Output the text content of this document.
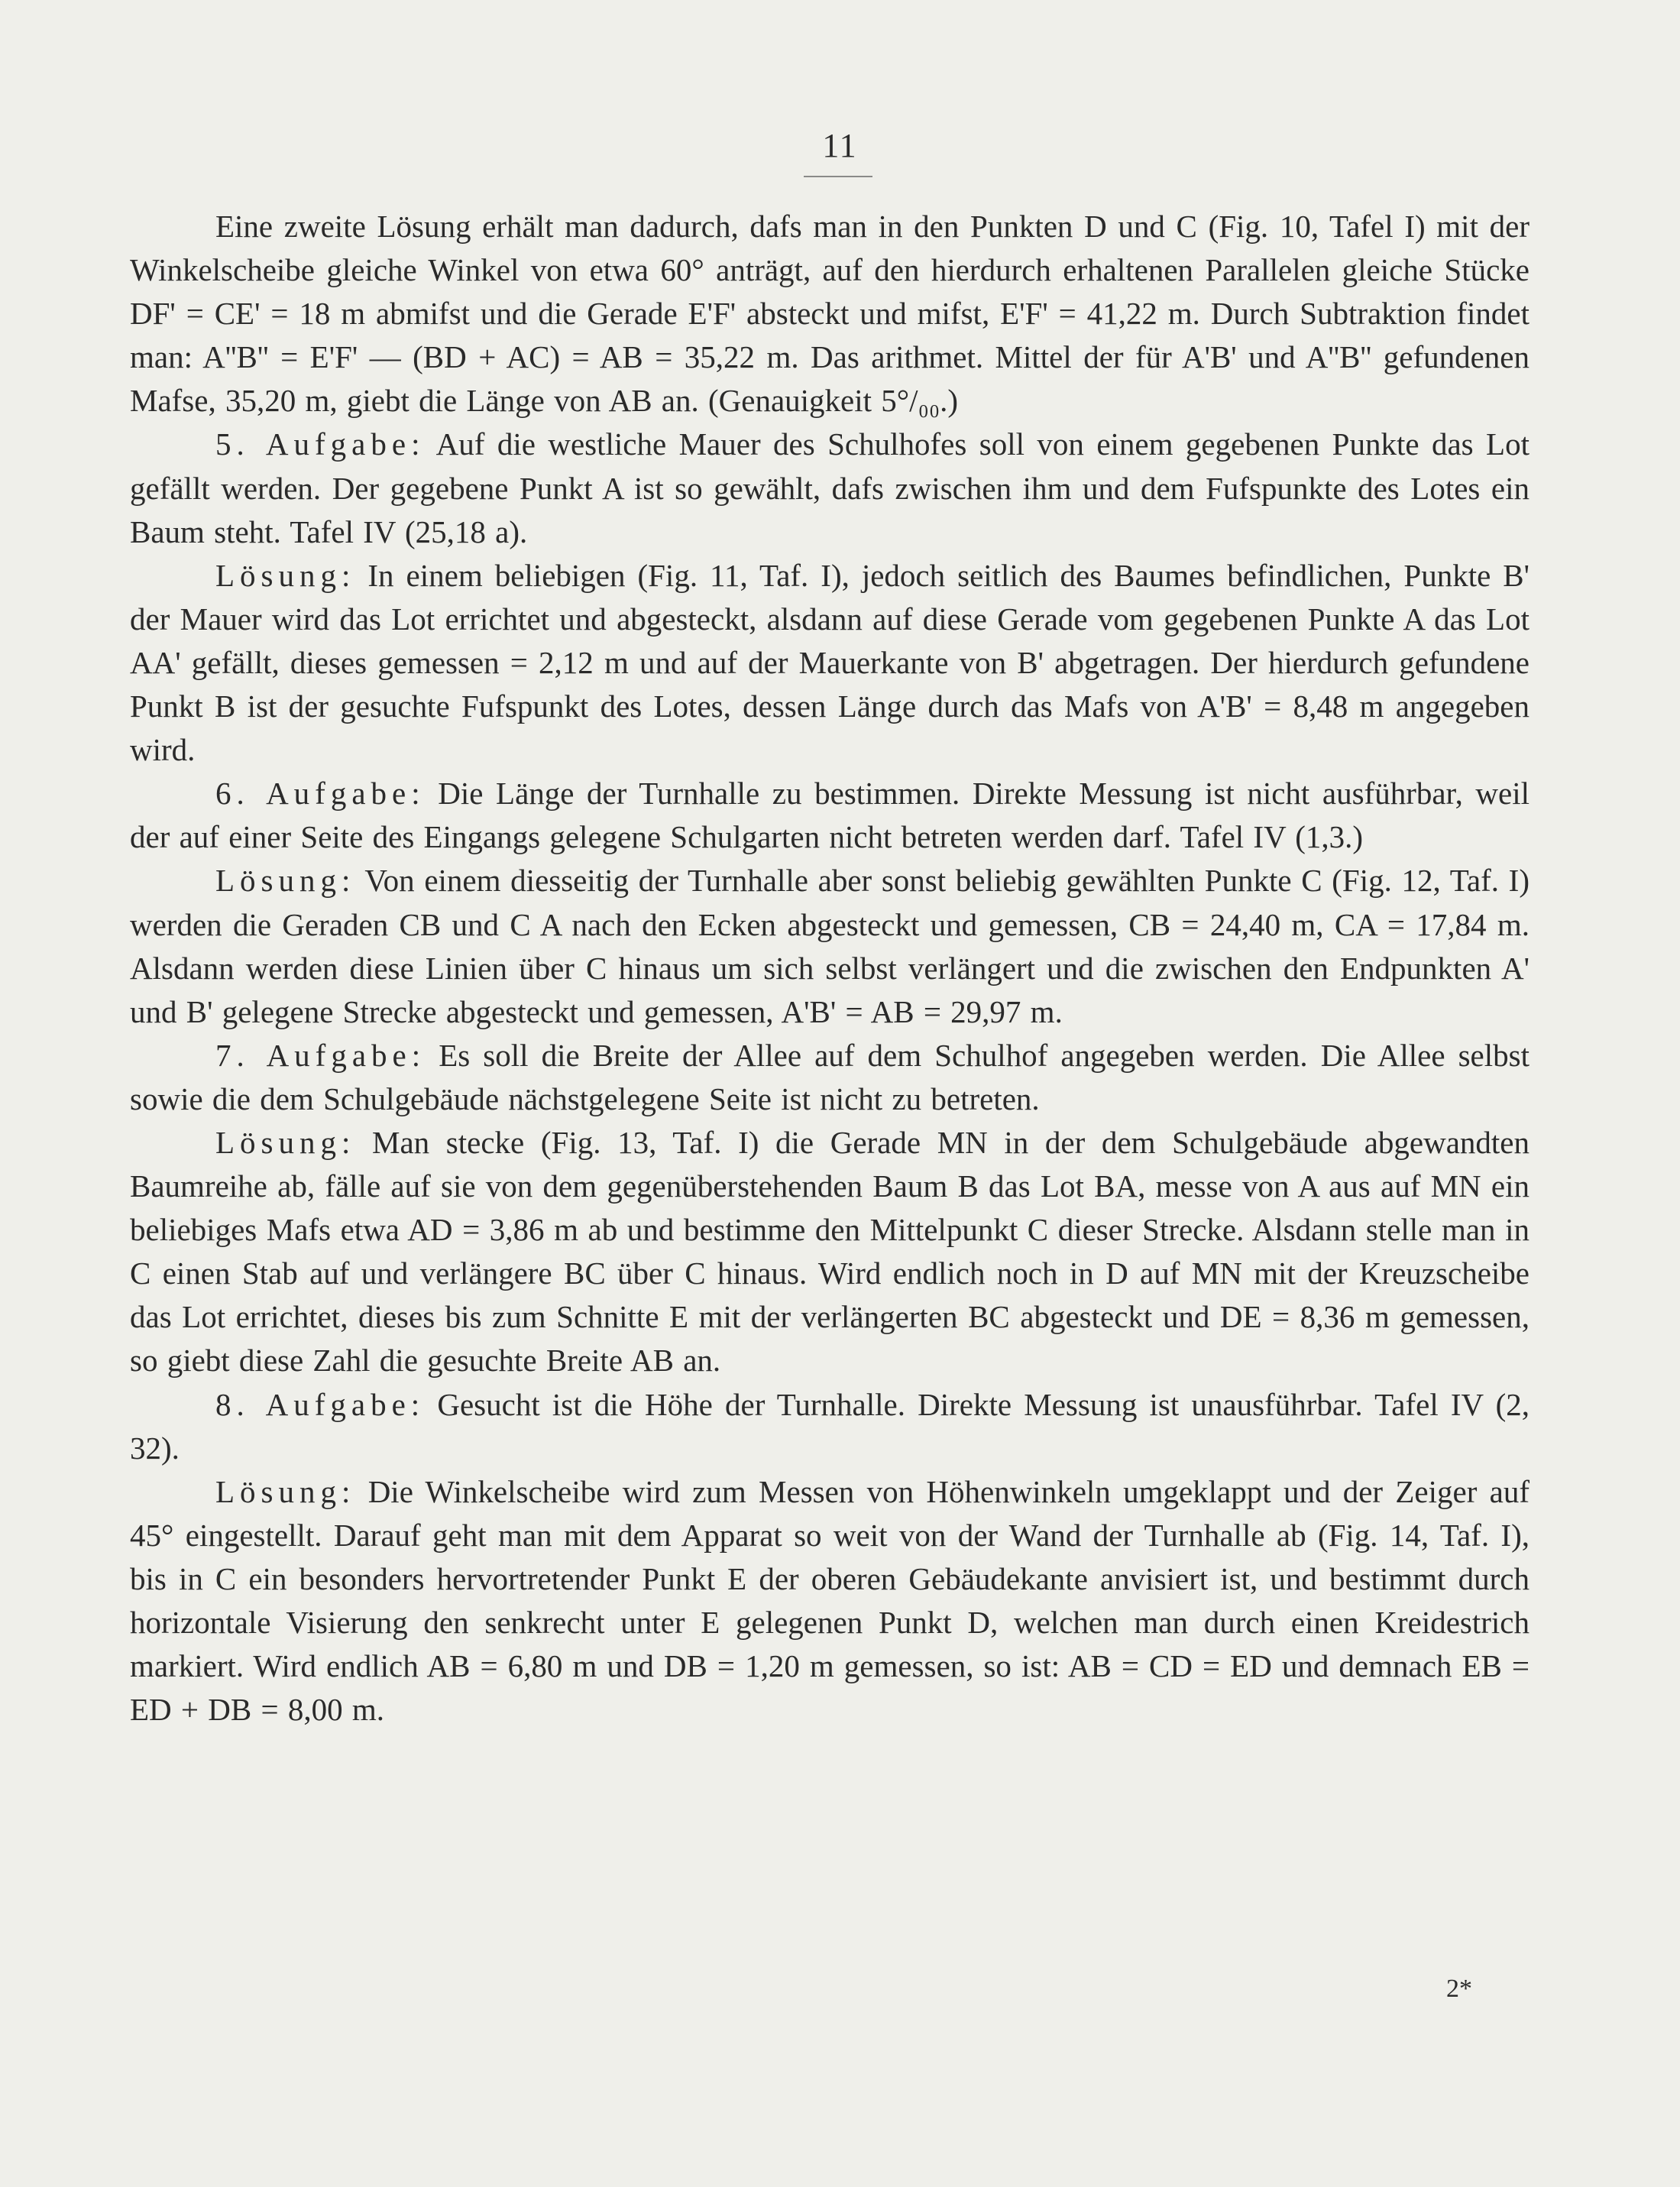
11

Eine zweite Lösung erhält man dadurch, dafs man in den Punkten D und C (Fig. 10, Tafel I) mit der Winkelscheibe gleiche Winkel von etwa 60° anträgt, auf den hierdurch erhaltenen Parallelen gleiche Stücke DF' = CE' = 18 m abmifst und die Gerade E'F' absteckt und mifst, E'F' = 41,22 m. Durch Subtraktion findet man: A''B'' = E'F' — (BD + AC) = AB = 35,22 m. Das arithmet. Mittel der für A'B' und A''B'' gefundenen Mafse, 35,20 m, giebt die Länge von AB an. (Genauigkeit 5°/₀₀.)

5. Aufgabe: Auf die westliche Mauer des Schulhofes soll von einem gegebenen Punkte das Lot gefällt werden. Der gegebene Punkt A ist so gewählt, dafs zwischen ihm und dem Fufspunkte des Lotes ein Baum steht. Tafel IV (25,18 a).

Lösung: In einem beliebigen (Fig. 11, Taf. I), jedoch seitlich des Baumes befindlichen, Punkte B' der Mauer wird das Lot errichtet und abgesteckt, alsdann auf diese Gerade vom gegebenen Punkte A das Lot AA' gefällt, dieses gemessen = 2,12 m und auf der Mauerkante von B' abgetragen. Der hierdurch gefundene Punkt B ist der gesuchte Fufspunkt des Lotes, dessen Länge durch das Mafs von A'B' = 8,48 m angegeben wird.

6. Aufgabe: Die Länge der Turnhalle zu bestimmen. Direkte Messung ist nicht ausführbar, weil der auf einer Seite des Eingangs gelegene Schulgarten nicht betreten werden darf. Tafel IV (1,3.)

Lösung: Von einem diesseitig der Turnhalle aber sonst beliebig gewählten Punkte C (Fig. 12, Taf. I) werden die Geraden CB und C A nach den Ecken abgesteckt und gemessen, CB = 24,40 m, CA = 17,84 m. Alsdann werden diese Linien über C hinaus um sich selbst verlängert und die zwischen den Endpunkten A' und B' gelegene Strecke abgesteckt und gemessen, A'B' = AB = 29,97 m.

7. Aufgabe: Es soll die Breite der Allee auf dem Schulhof angegeben werden. Die Allee selbst sowie die dem Schulgebäude nächstgelegene Seite ist nicht zu betreten.

Lösung: Man stecke (Fig. 13, Taf. I) die Gerade MN in der dem Schulgebäude abgewandten Baumreihe ab, fälle auf sie von dem gegenüberstehenden Baum B das Lot BA, messe von A aus auf MN ein beliebiges Mafs etwa AD = 3,86 m ab und bestimme den Mittelpunkt C dieser Strecke. Alsdann stelle man in C einen Stab auf und verlängere BC über C hinaus. Wird endlich noch in D auf MN mit der Kreuzscheibe das Lot errichtet, dieses bis zum Schnitte E mit der verlängerten BC abgesteckt und DE = 8,36 m gemessen, so giebt diese Zahl die gesuchte Breite AB an.

8. Aufgabe: Gesucht ist die Höhe der Turnhalle. Direkte Messung ist unausführbar. Tafel IV (2, 32).

Lösung: Die Winkelscheibe wird zum Messen von Höhenwinkeln umgeklappt und der Zeiger auf 45° eingestellt. Darauf geht man mit dem Apparat so weit von der Wand der Turnhalle ab (Fig. 14, Taf. I), bis in C ein besonders hervortretender Punkt E der oberen Gebäudekante anvisiert ist, und bestimmt durch horizontale Visierung den senkrecht unter E gelegenen Punkt D, welchen man durch einen Kreidestrich markiert. Wird endlich AB = 6,80 m und DB = 1,20 m gemessen, so ist: AB = CD = ED und demnach EB = ED + DB = 8,00 m.

2*
